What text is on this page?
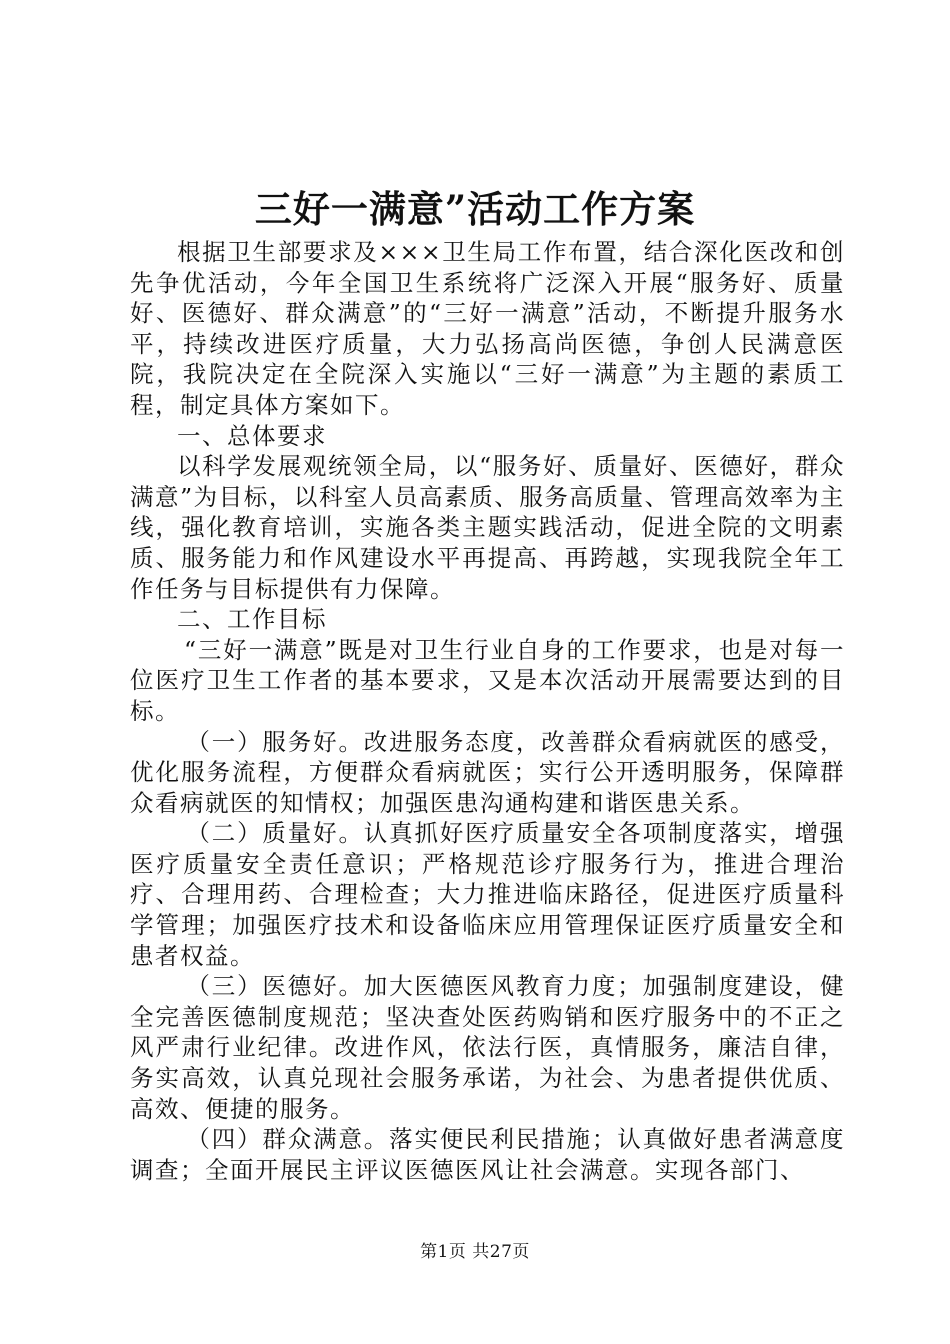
三好一满意”活动工作方案

根据卫生部要求及×××卫生局工作布置，结合深化医改和创先争优活动，今年全国卫生系统将广泛深入开展“服务好、质量好、医德好、群众满意”的“三好一满意”活动，不断提升服务水平，持续改进医疗质量，大力弘扬高尚医德，争创人民满意医院，我院决定在全院深入实施以“三好一满意”为主题的素质工程，制定具体方案如下。

一、总体要求

以科学发展观统领全局，以“服务好、质量好、医德好，群众满意”为目标，以科室人员高素质、服务高质量、管理高效率为主线，强化教育培训，实施各类主题实践活动，促进全院的文明素质、服务能力和作风建设水平再提高、再跨越，实现我院全年工作任务与目标提供有力保障。

二、工作目标

“三好一满意”既是对卫生行业自身的工作要求，也是对每一位医疗卫生工作者的基本要求，又是本次活动开展需要达到的目标。

（一）服务好。改进服务态度，改善群众看病就医的感受，优化服务流程，方便群众看病就医；实行公开透明服务，保障群众看病就医的知情权；加强医患沟通构建和谐医患关系。

（二）质量好。认真抓好医疗质量安全各项制度落实，增强医疗质量安全责任意识；严格规范诊疗服务行为，推进合理治疗、合理用药、合理检查；大力推进临床路径，促进医疗质量科学管理；加强医疗技术和设备临床应用管理保证医疗质量安全和患者权益。

（三）医德好。加大医德医风教育力度；加强制度建设，健全完善医德制度规范；坚决查处医药购销和医疗服务中的不正之风严肃行业纪律。改进作风，依法行医，真情服务，廉洁自律，务实高效，认真兑现社会服务承诺，为社会、为患者提供优质、高效、便捷的服务。

（四）群众满意。落实便民利民措施；认真做好患者满意度调查；全面开展民主评议医德医风让社会满意。实现各部门、

第1页 共27页
